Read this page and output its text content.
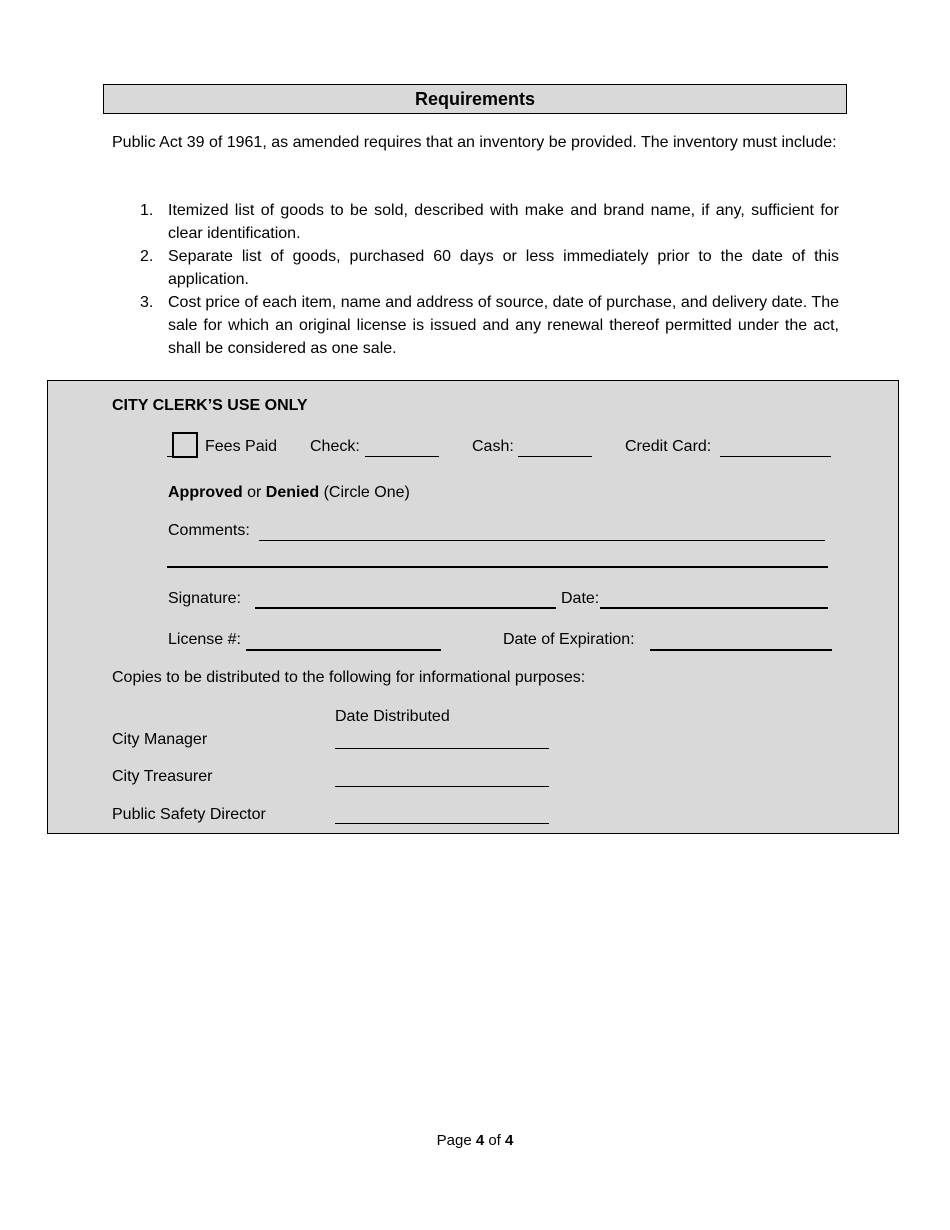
Requirements
Public Act 39 of 1961, as amended requires that an inventory be provided. The inventory must include:
1. Itemized list of goods to be sold, described with make and brand name, if any, sufficient for clear identification.
2. Separate list of goods, purchased 60 days or less immediately prior to the date of this application.
3. Cost price of each item, name and address of source, date of purchase, and delivery date. The sale for which an original license is issued and any renewal thereof permitted under the act, shall be considered as one sale.
CITY CLERK’S USE ONLY
Fees Paid Check:	Cash:	Credit Card:
Approved or Denied (Circle One)
Comments:
Signature:	Date:
License #:	Date of Expiration:
Copies to be distributed to the following for informational purposes:
Date Distributed
City Manager
City Treasurer
Public Safety Director
Page 4 of 4
